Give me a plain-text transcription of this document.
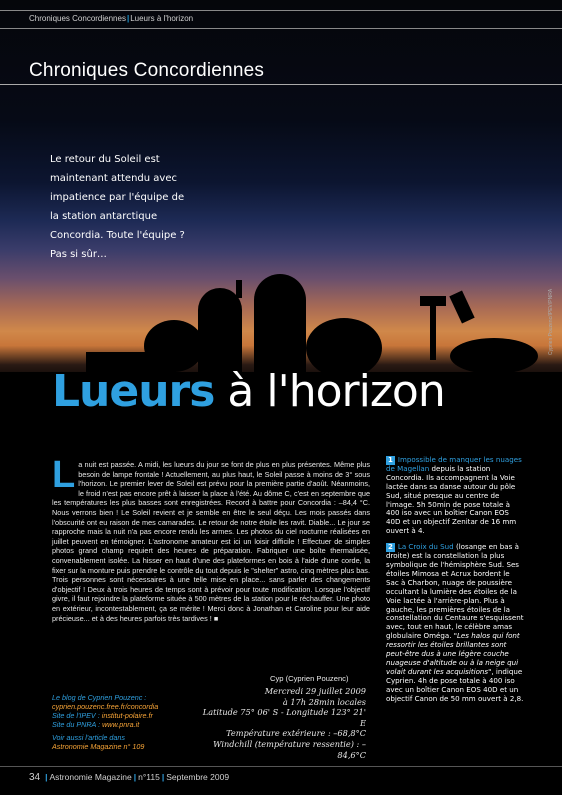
Chroniques Concordiennes|Lueurs à l'horizon
Chroniques Concordiennes
Le retour du Soleil est maintenant attendu avec impatience par l'équipe de la station antarctique Concordia. Toute l'équipe ? Pas si sûr…
Cyprien Pouzenc/IPEV/PNRA
Lueurs à l'horizon
La nuit est passée. A midi, les lueurs du jour se font de plus en plus présentes. Même plus besoin de lampe frontale ! Actuellement, au plus haut, le Soleil passe à moins de 3° sous l'horizon. Le premier lever de Soleil est prévu pour la première partie d'août. Néanmoins, le froid n'est pas encore prêt à laisser la place à l'été. Au dôme C, c'est en septembre que les températures les plus basses sont enregistrées. Record à battre pour Concordia : –84,4 °C. Nous verrons bien ! Le Soleil revient et je semble en être le seul déçu. Les mois passés dans l'obscurité ont eu raison de mes camarades. Le retour de notre étoile les ravit. Diable... Le jour se rapproche mais la nuit n'a pas encore rendu les armes. Les photos du ciel nocturne réalisées en juillet peuvent en témoigner. L'astronome amateur est ici un loisir difficile ! Effectuer de simples photos grand champ requiert des heures de préparation. Fabriquer une boîte thermalisée, convenablement isolée. La hisser en haut d'une des plateformes en bois à l'aide d'une corde, la fixer sur la monture puis prendre le contrôle du tout depuis le "shelter" astro, cinq mètres plus bas. Trois personnes sont nécessaires à une telle mise en place... sans parler des changements d'objectif ! Deux à trois heures de temps sont à prévoir pour toute modification. Lorsque l'objectif givre, il faut rejoindre la plateforme située à 500 mètres de la station pour le réchauffer. Une photo en extérieur, incontestablement, ça se mérite ! Merci donc à Jonathan et Caroline pour leur aide précieuse... et à des heures parfois très tardives ! ■
Cyp (Cyprien Pouzenc)
1 Impossible de manquer les nuages de Magellan depuis la station Concordia. Ils accompagnent la Voie lactée dans sa danse autour du pôle Sud, situé presque au centre de l'image. 5h 50min de pose totale à 400 iso avec un boîtier Canon EOS 40D et un objectif Zenitar de 16 mm ouvert à 4.
2 La Croix du Sud (losange en bas à droite) est la constellation la plus symbolique de l'hémisphère Sud. Ses étoiles Mimosa et Acrux bordent le Sac à Charbon, nuage de poussière occultant la lumière des étoiles de la Voie lactée à l'arrière-plan. Plus à gauche, les premières étoiles de la constellation du Centaure s'esquissent avec, tout en haut, le célèbre amas globulaire Oméga. "Les halos qui font ressortir les étoiles brillantes sont peut-être dus à une légère couche nuageuse d'altitude ou à la neige qui volait durant les acquisitions", indique Cyprien. 4h de pose totale à 400 iso avec un boîtier Canon EOS 40D et un objectif Canon de 50 mm ouvert à 2,8.
Le blog de Cyprien Pouzenc :
cyprien.pouzenc.free.fr/concordia
Site de l'IPEV : institut-polaire.fr
Site du PNRA : www.pnra.it
Voir aussi l'article dans
Astronomie Magazine n° 109
Mercredi 29 juillet 2009
à 17h 28min locales
Latitude 75° 06' S - Longitude 123° 21' E
Température extérieure : –68,8°C
Windchill (température ressentie) : –84,6°C
34 | Astronomie Magazine | n°115 | Septembre 2009
